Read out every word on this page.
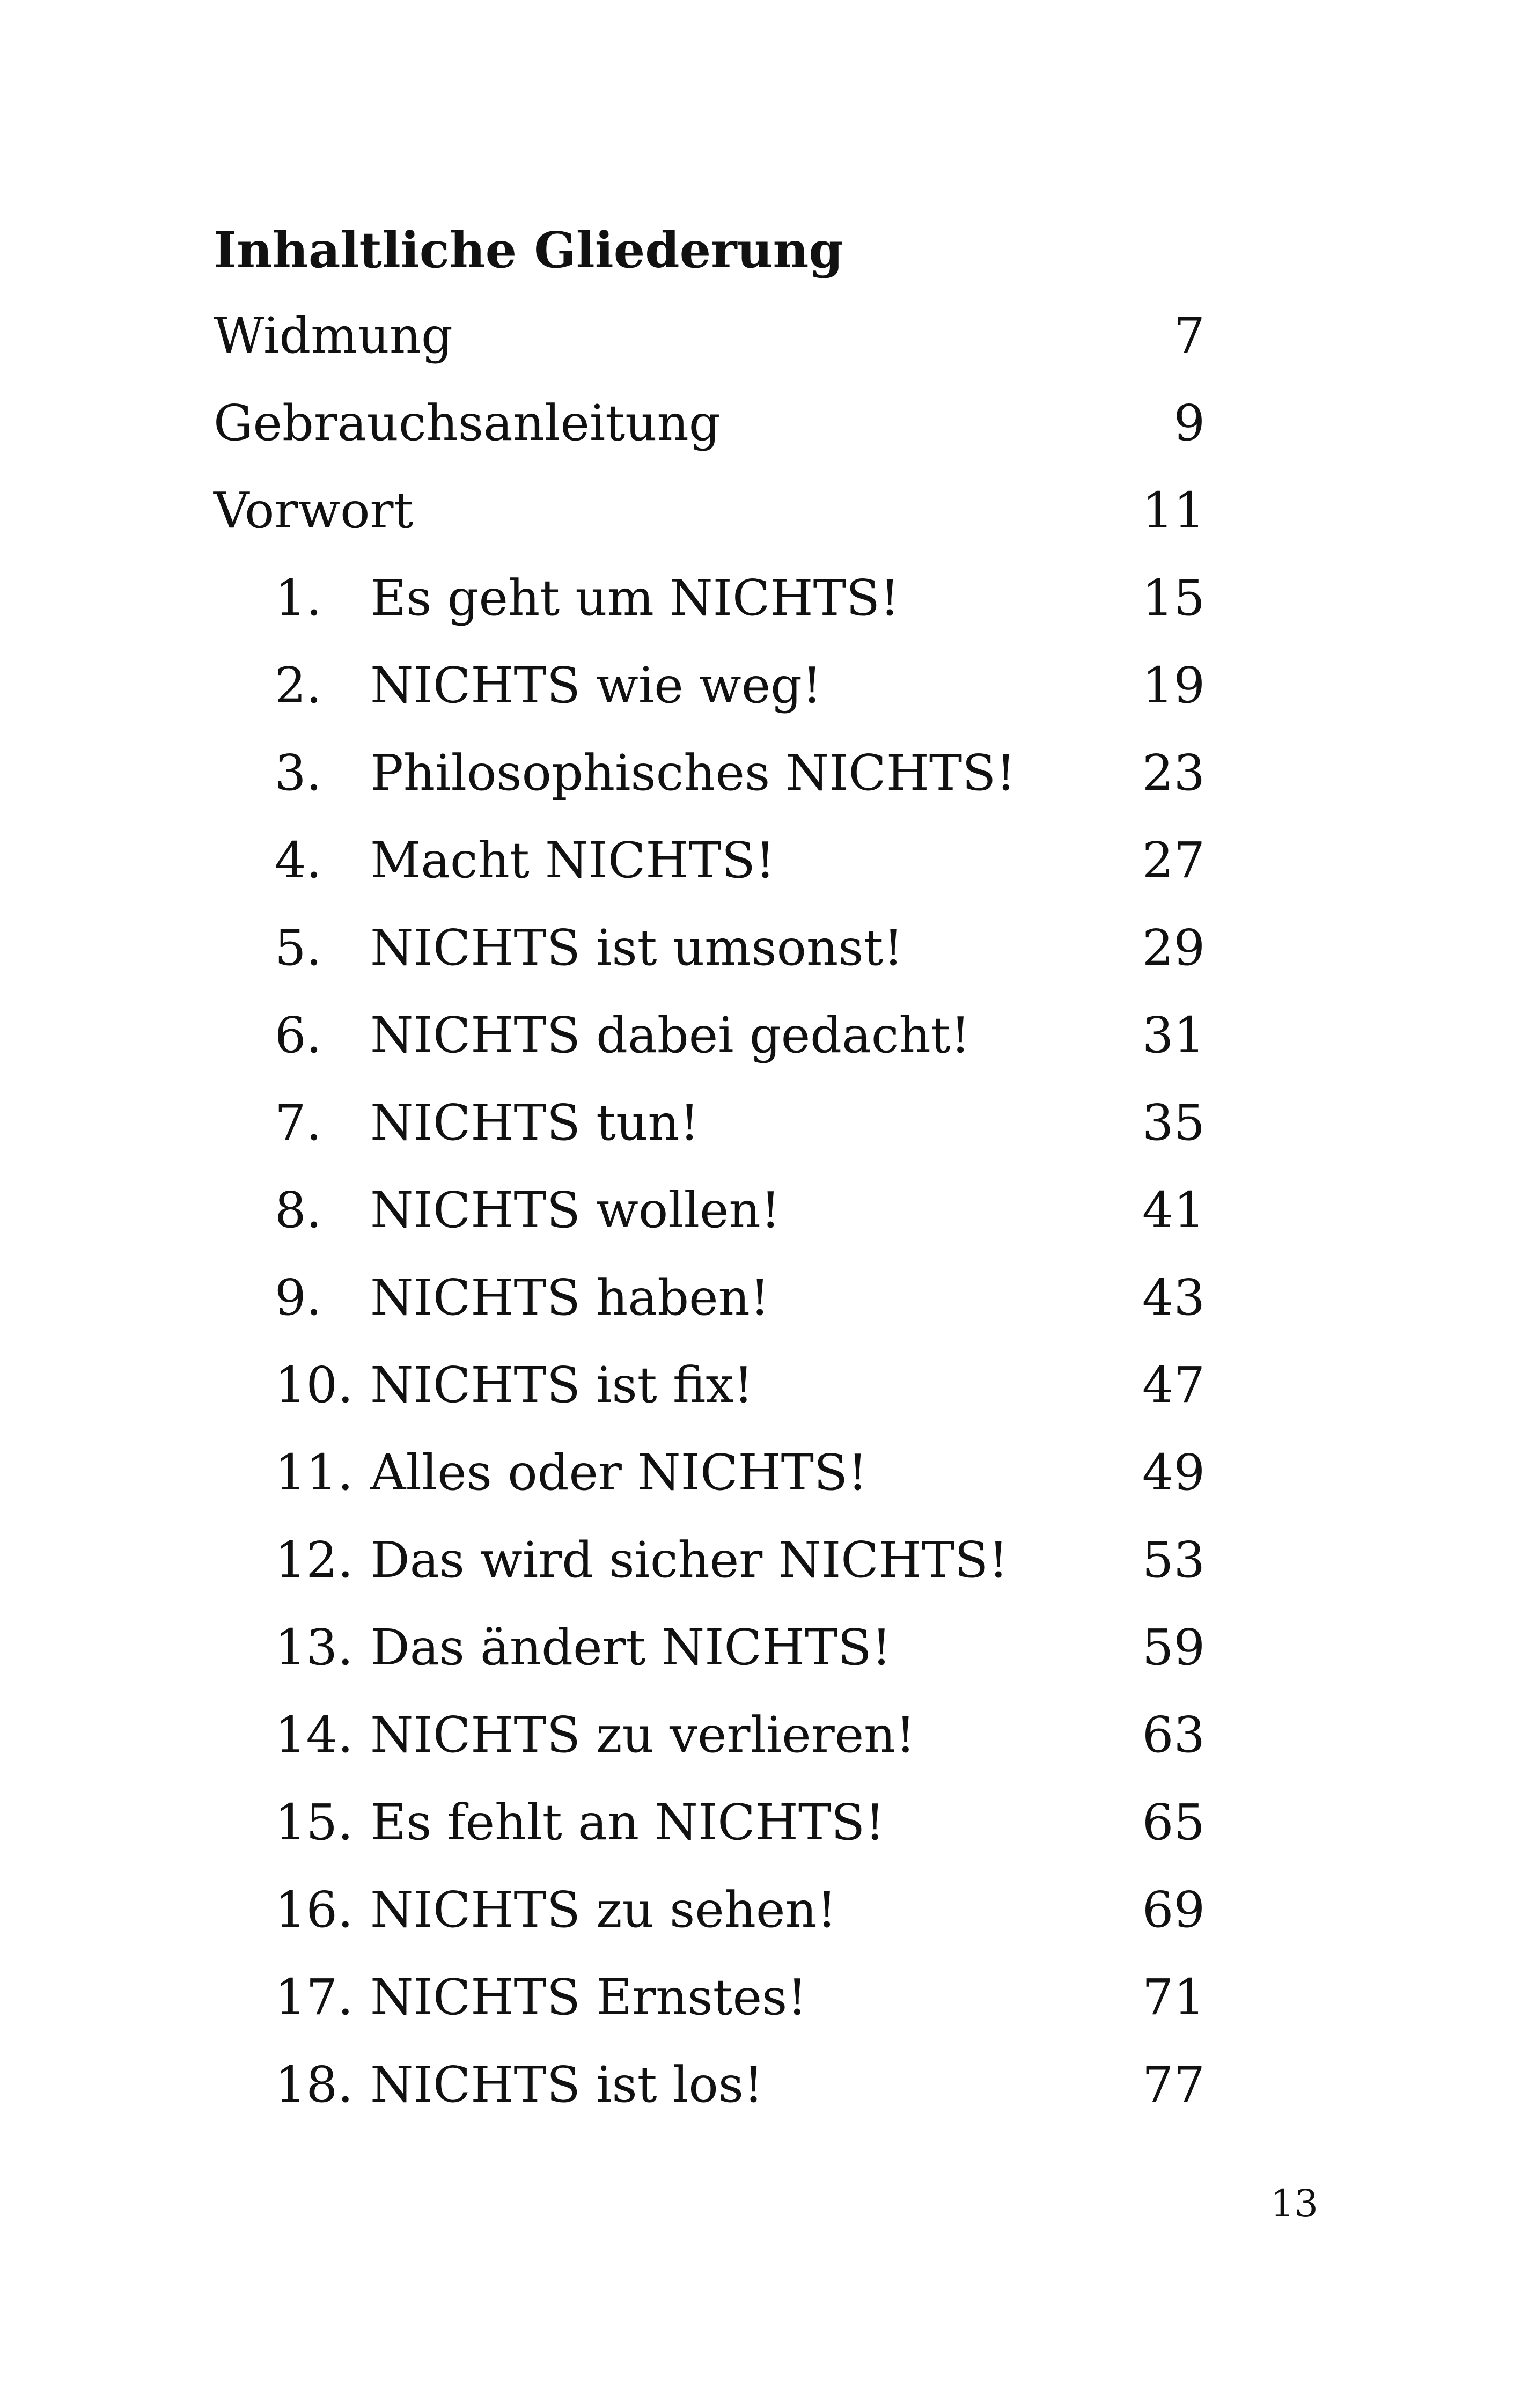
Inhaltliche Gliederung
Widmung	7
Gebrauchsanleitung	9
Vorwort	11
1. Es geht um NICHTS!	15
2. NICHTS wie weg!	19
3. Philosophisches NICHTS!	23
4. Macht NICHTS!	27
5. NICHTS ist umsonst!	29
6. NICHTS dabei gedacht!	31
7. NICHTS tun!	35
8. NICHTS wollen!	41
9. NICHTS haben!	43
10. NICHTS ist fix!	47
11. Alles oder NICHTS!	49
12. Das wird sicher NICHTS!	53
13. Das ändert NICHTS!	59
14. NICHTS zu verlieren!	63
15. Es fehlt an NICHTS!	65
16. NICHTS zu sehen!	69
17. NICHTS Ernstes!	71
18. NICHTS ist los!	77
13
